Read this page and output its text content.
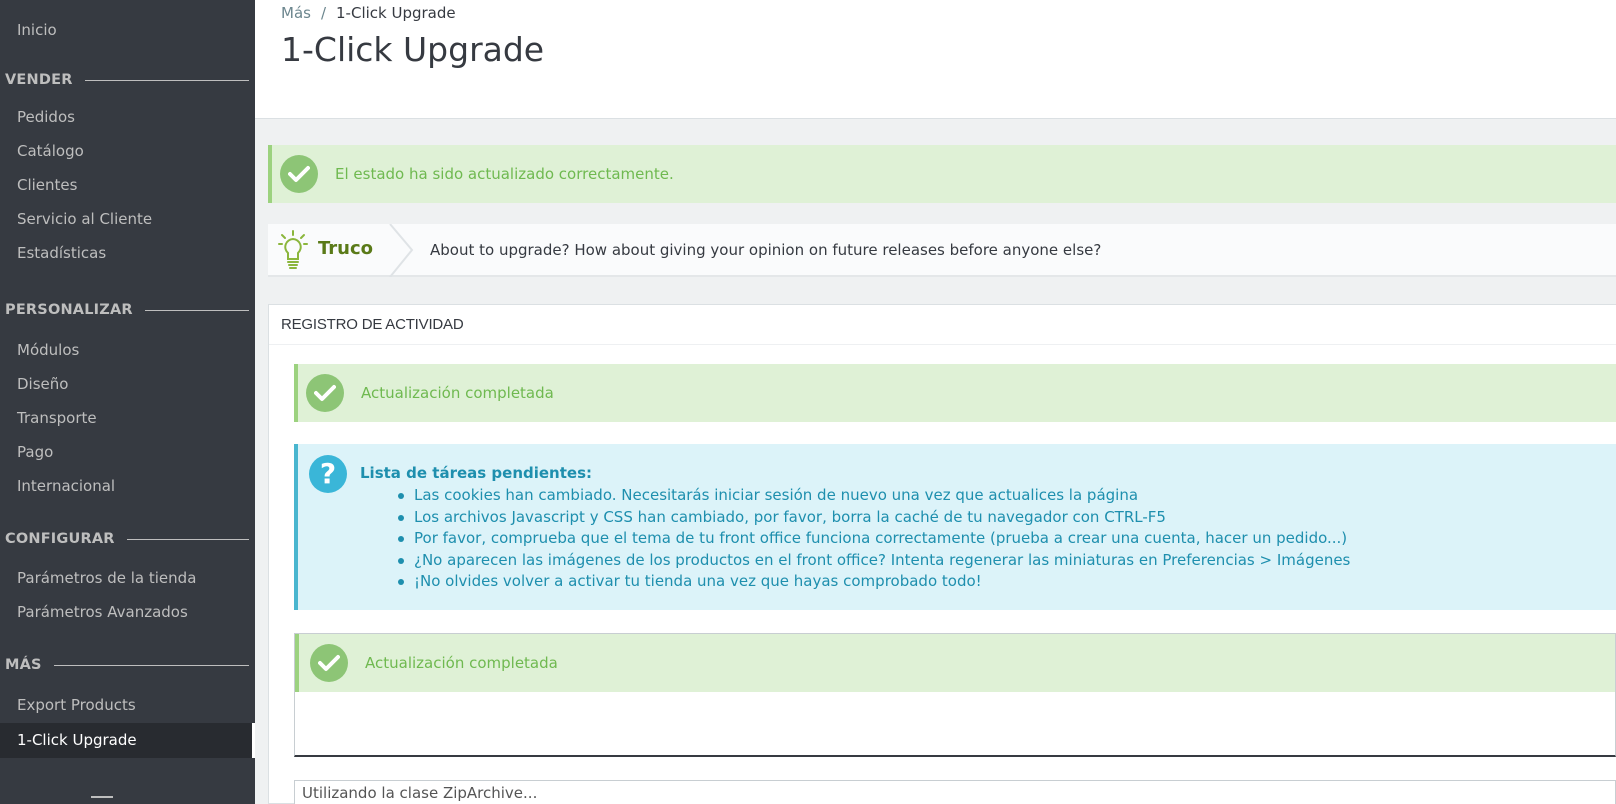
Inicio
VENDER
Pedidos
Catálogo
Clientes
Servicio al Cliente
Estadísticas
PERSONALIZAR
Módulos
Diseño
Transporte
Pago
Internacional
CONFIGURAR
Parámetros de la tienda
Parámetros Avanzados
MÁS
Export Products
1-Click Upgrade
Más / 1-Click Upgrade
1-Click Upgrade
El estado ha sido actualizado correctamente.
Truco	About to upgrade? How about giving your opinion on future releases before anyone else?
REGISTRO DE ACTIVIDAD
Actualización completada
?	Lista de táreas pendientes:
Las cookies han cambiado. Necesitarás iniciar sesión de nuevo una vez que actualices la página
Los archivos Javascript y CSS han cambiado, por favor, borra la caché de tu navegador con CTRL-F5
Por favor, comprueba que el tema de tu front office funciona correctamente (prueba a crear una cuenta, hacer un pedido...)
¿No aparecen las imágenes de los productos en el front office? Intenta regenerar las miniaturas en Preferencias > Imágenes
¡No olvides volver a activar tu tienda una vez que hayas comprobado todo!
Actualización completada
Utilizando la clase ZipArchive...
